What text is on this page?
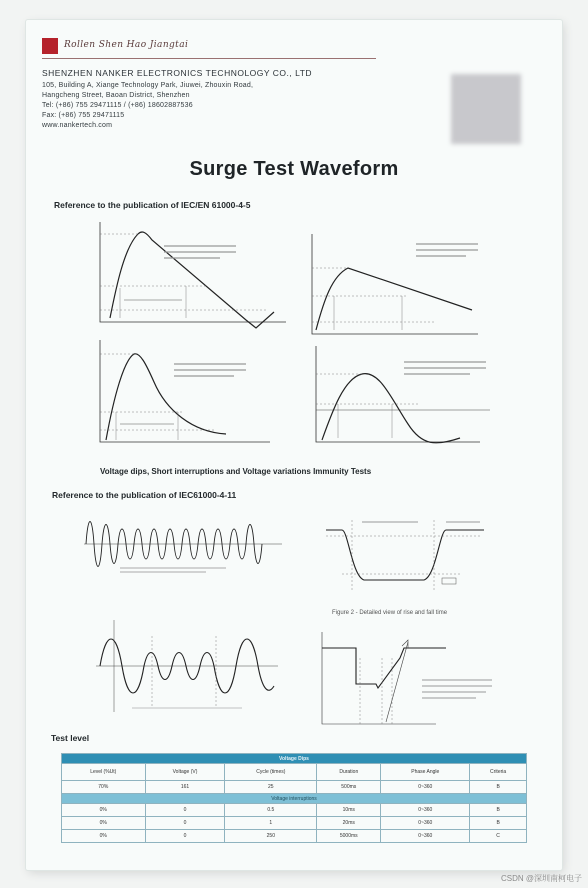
Rollen Shen Hao Jiangtai
SHENZHEN NANKER ELECTRONICS TECHNOLOGY CO., LTD
105, Building A, Xiange Technology Park, Jiuwei, Zhouxin Road,
Hangcheng Street, Baoan District, Shenzhen
Tel: (+86) 755 29471115 / (+86) 18602887536
Fax: (+86) 755 29471115
www.nankertech.com
Surge Test Waveform
Reference to the publication of IEC/EN 61000-4-5
Voltage dips, Short interruptions and Voltage variations Immunity Tests
Reference to the publication of IEC61000-4-11
Figure 2 - Detailed view of rise and fall time
Test level
Voltage Dips					
Level (%Ut)	Voltage (V)	Cycle (times)	Duration	Phase Angle	Criteria
70%	161	25	500ms	0~360	B
Voltage interruptions					
0%	0	0.5	10ms	0~360	B
0%	0	1	20ms	0~360	B
0%	0	250	5000ms	0~360	C
CSDN @深圳南柯电子
